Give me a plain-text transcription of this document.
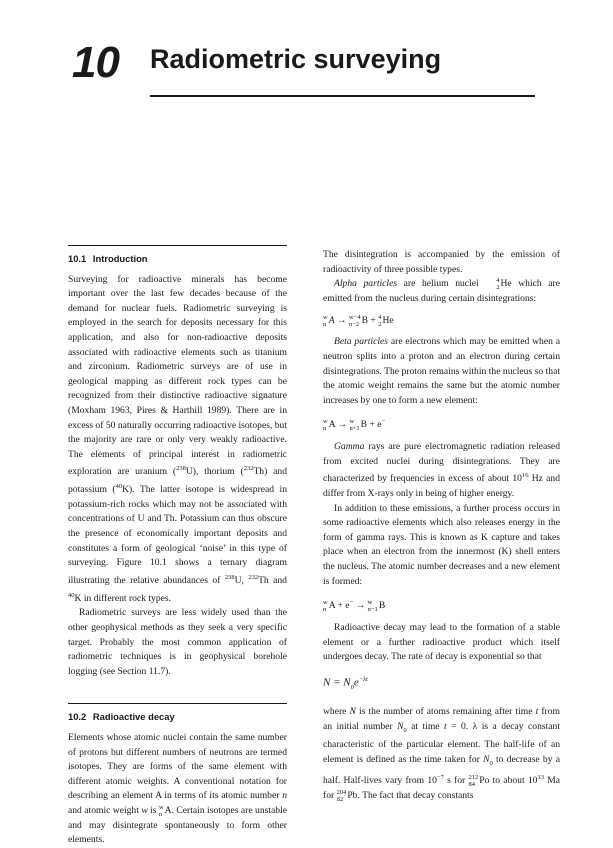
10 Radiometric surveying
10.1 Introduction

Surveying for radioactive minerals has become important over the last few decades because of the demand for nuclear fuels. Radiometric surveying is employed in the search for deposits necessary for this application, and also for non-radioactive deposits associated with radioactive elements such as titanium and zirconium. Radiometric surveys are of use in geological mapping as different rock types can be recognized from their distinctive radioactive signature (Moxham 1963, Pires & Harthill 1989). There are in excess of 50 naturally occurring radioactive isotopes, but the majority are rare or only very weakly radioactive. The elements of principal interest in radiometric exploration are uranium ($^{238}$U), thorium ($^{232}$Th) and potassium ($^{40}$K). The latter isotope is widespread in potassium-rich rocks which may not be associated with concentrations of U and Th. Potassium can thus obscure the presence of economically important deposits and constitutes a form of geological ‘noise’ in this type of surveying. Figure 10.1 shows a ternary diagram illustrating the relative abundances of $^{238}$U, $^{232}$Th and $^{40}$K in different rock types.

Radiometric surveys are less widely used than the other geophysical methods as they seek a very specific target. Probably the most common application of radiometric techniques is in geophysical borehole logging (see Section 11.7).

10.2 Radioactive decay

Elements whose atomic nuclei contain the same number of protons but different numbers of neutrons are termed isotopes. They are forms of the same element with different atomic weights. A conventional notation for describing an element A in terms of its atomic number n and atomic weight w is w
n A. Certain isotopes are unstable and may disintegrate spontaneously to form other elements.

The disintegration is accompanied by the emission of radioactivity of three possible types.

Alpha particles are helium nuclei	4
2 He which are emitted from the nucleus during certain disintegrations:

w
n A → w−4
n−2 B + 4
2 He

Beta particles are electrons which may be emitted when a neutron splits into a proton and an electron during certain disintegrations. The proton remains within the nucleus so that the atomic weight remains the same but the atomic number increases by one to form a new element:

w
n A → w
n+1 B + e−

Gamma rays are pure electromagnetic radiation released from excited nuclei during disintegrations. They are characterized by frequencies in excess of about $10^{16}$ Hz and differ from X-rays only in being of higher energy.

In addition to these emissions, a further process occurs in some radioactive elements which also releases energy in the form of gamma rays. This is known as K capture and takes place when an electron from the innermost (K) shell enters the nucleus. The atomic number decreases and a new element is formed:

w
n A + e− → w
n−1 B

Radioactive decay may lead to the formation of a stable element or a further radioactive product which itself undergoes decay. The rate of decay is exponential so that

$N = N_0e^{-\lambda t}$

where N is the number of atoms remaining after time t from an initial number $N_0$ at time t = 0. λ is a decay constant characteristic of the particular element. The half-life of an element is defined as the time taken for $N_0$ to decrease by a half. Half-lives vary from $10^{-7}$ s for 212
84 Po to about $10^{13}$ Ma for 204
82 Pb. The fact that decay constants
